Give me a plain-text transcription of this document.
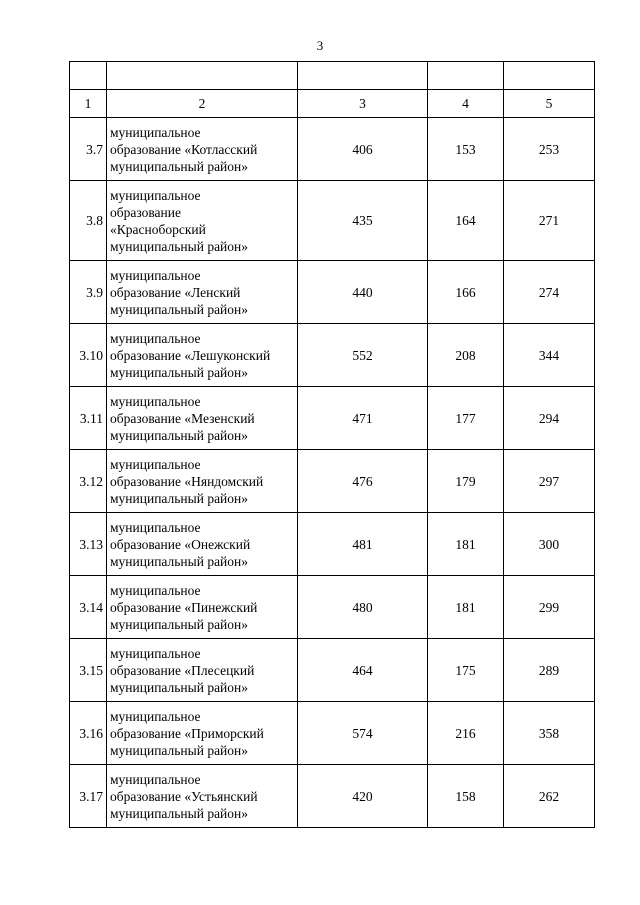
3

1	2	3	4	5
3.7	муниципальное
образование «Котласский
муниципальный район»	406	153	253
3.8	муниципальное
образование
«Красноборский
муниципальный район»	435	164	271
3.9	муниципальное
образование «Ленский
муниципальный район»	440	166	274
3.10	муниципальное
образование «Лешуконский
муниципальный район»	552	208	344
3.11	муниципальное
образование «Мезенский
муниципальный район»	471	177	294
3.12	муниципальное
образование «Няндомский
муниципальный район»	476	179	297
3.13	муниципальное
образование «Онежский
муниципальный район»	481	181	300
3.14	муниципальное
образование «Пинежский
муниципальный район»	480	181	299
3.15	муниципальное
образование «Плесецкий
муниципальный район»	464	175	289
3.16	муниципальное
образование «Приморский
муниципальный район»	574	216	358
3.17	муниципальное
образование «Устьянский
муниципальный район»	420	158	262
